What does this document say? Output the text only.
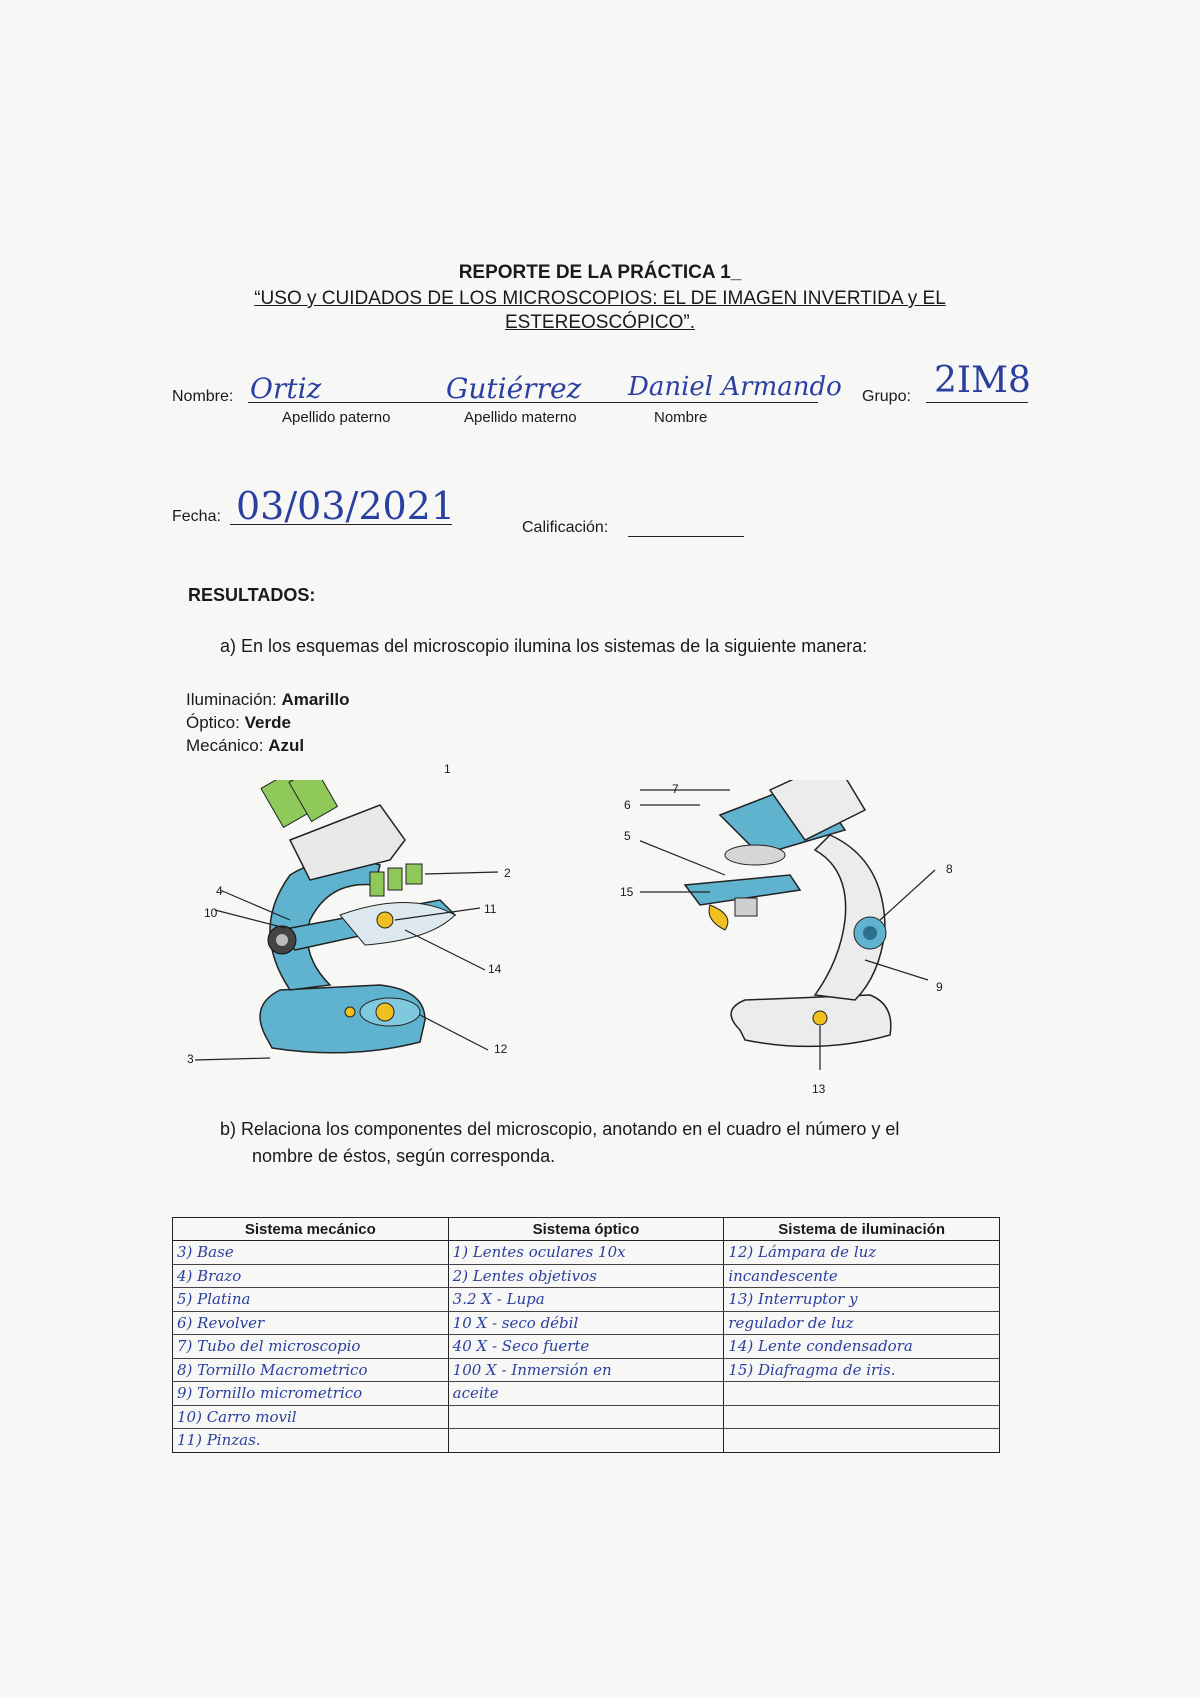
REPORTE DE LA PRÁCTICA 1_
“USO y CUIDADOS DE LOS MICROSCOPIOS: EL DE IMAGEN INVERTIDA y EL
ESTEREOSCÓPICO”.
Nombre: Ortiz	Gutiérrez Daniel Armando
Apellido paterno	Apellido materno	Nombre
Grupo: 2IM8
Fecha: 03/03/2021	Calificación:
RESULTADOS:
a) En los esquemas del microscopio ilumina los sistemas de la siguiente manera:
Iluminación: Amarillo
Óptico: Verde
Mecánico: Azul
1
2
11
14
12
3
4
10
7
6
5
15
8
9
13
b) Relaciona los componentes del microscopio, anotando en el cuadro el número y el
nombre de éstos, según corresponda.
Sistema mecánico	Sistema óptico	Sistema de iluminación
3) Base	1) Lentes oculares 10x	12) Lámpara de luz
4) Brazo	2) Lentes objetivos	incandescente
5) Platina	3.2 X - Lupa	13) Interruptor y
6) Revolver	10 X - seco débil	regulador de luz
7) Tubo del microscopio	40 X - Seco fuerte	14) Lente condensadora
8) Tornillo Macrometrico	100 X - Inmersión en	15) Diafragma de iris.
9) Tornillo micrometrico	aceite	
10) Carro movil		
11) Pinzas.		
